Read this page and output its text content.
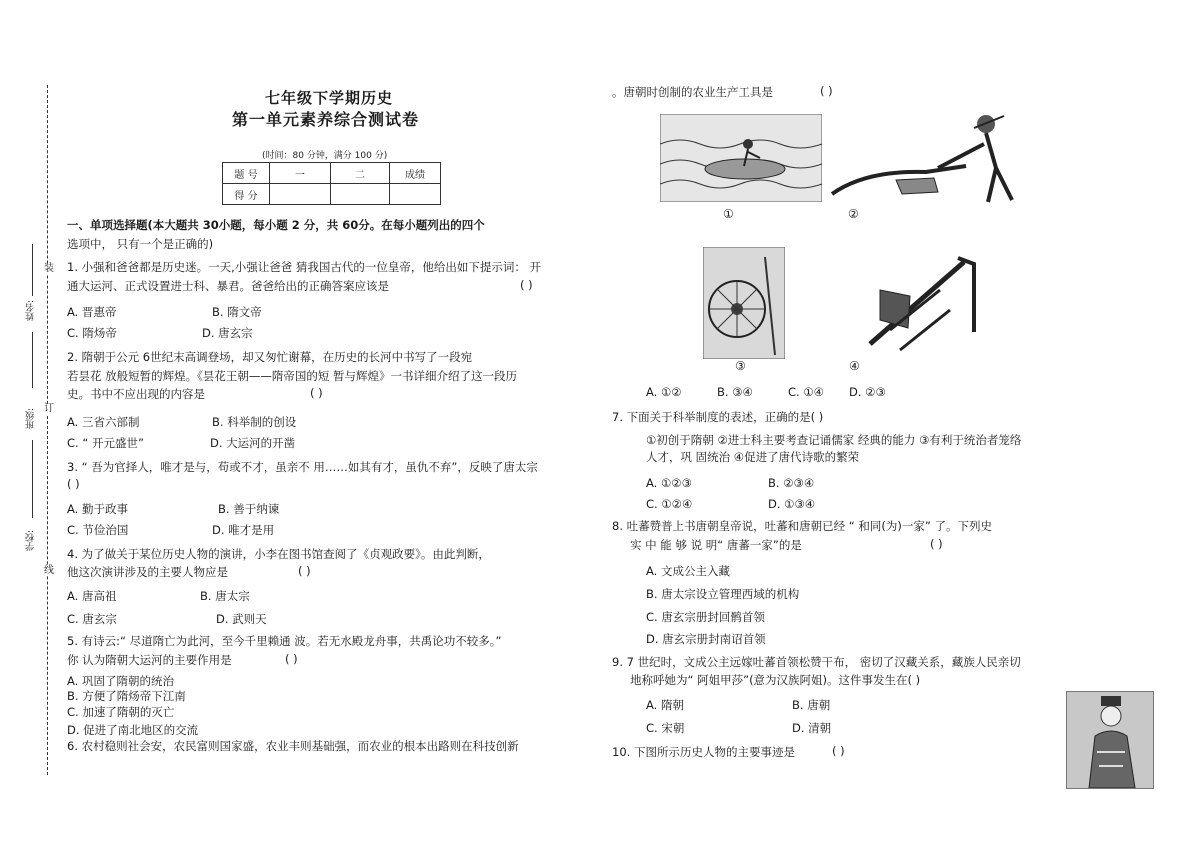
装
订
线
姓名:
班级:
学校:
七年级下学期历史
第一单元素养综合测试卷
(时间：80 分钟，满分 100 分)
题 号	一	二	成绩
得 分			
一、单项选择题(本大题共 30小题，每小题 2 分，共 60分。在每小题列出的四个
选项中， 只有一个是正确的)
1. 小强和爸爸都是历史迷。一天,小强让爸爸 猜我国古代的一位皇帝，他给出如下提示词： 开
通大运河、正式设置进士科、暴君。爸爸给出的正确答案应该是	( )
A. 晋惠帝	B. 隋文帝
C. 隋炀帝	D. 唐玄宗
2. 隋朝于公元 6世纪末高调登场，却又匆忙谢幕，在历史的长河中书写了一段宛
若昙花 放般短暂的辉煌。《昙花王朝——隋帝国的短 暂与辉煌》一书详细介绍了这一段历
史。书中不应出现的内容是	( )
A. 三省六部制	B. 科举制的创设
C. “ 开元盛世”	D. 大运河的开凿
3. “ 吾为官择人，唯才是与，苟或不才，虽亲不 用……如其有才，虽仇不弃”，反映了唐太宗
( )
A. 勤于政事	B. 善于纳谏
C. 节俭治国	D. 唯才是用
4. 为了做关于某位历史人物的演讲，小李在图书馆查阅了《贞观政要》。由此判断，
他这次演讲涉及的主要人物应是	( )
A. 唐高祖	B. 唐太宗
C. 唐玄宗	D. 武则天
5. 有诗云:“ 尽道隋亡为此河，至今千里赖通 波。若无水殿龙舟事，共禹论功不较多。”
你 认为隋朝大运河的主要作用是	( )
A. 巩固了隋朝的统治
B. 方便了隋炀帝下江南
C. 加速了隋朝的灭亡
D. 促进了南北地区的交流
6. 农村稳则社会安，农民富则国家盛，农业丰则基础强，而农业的根本出路则在科技创新
。唐朝时创制的农业生产工具是	( )
①	②
③	④
A. ①②	B. ③④	C. ①④ D. ②③
7. 下面关于科举制度的表述，正确的是( )
①初创于隋朝 ②进士科主要考查记诵儒家 经典的能力 ③有利于统治者笼络
人才，巩 固统治 ④促进了唐代诗歌的繁荣
A. ①②③	B. ②③④
C. ①②④	D. ①③④
8. 吐蕃赞普上书唐朝皇帝说，吐蕃和唐朝已经 “ 和同(为)一家” 了。下列史
实 中 能 够 说 明“ 唐蕃一家”的是	( )
A. 文成公主入藏
B. 唐太宗设立管理西域的机构
C. 唐玄宗册封回鹘首领
D. 唐玄宗册封南诏首领
9. 7 世纪时，文成公主远嫁吐蕃首领松赞干布， 密切了汉藏关系，藏族人民亲切
地称呼她为“ 阿姐甲莎”(意为汉族阿姐)。这件事发生在( )
A. 隋朝	B. 唐朝
C. 宋朝	D. 清朝
10. 下图所示历史人物的主要事迹是	( )
